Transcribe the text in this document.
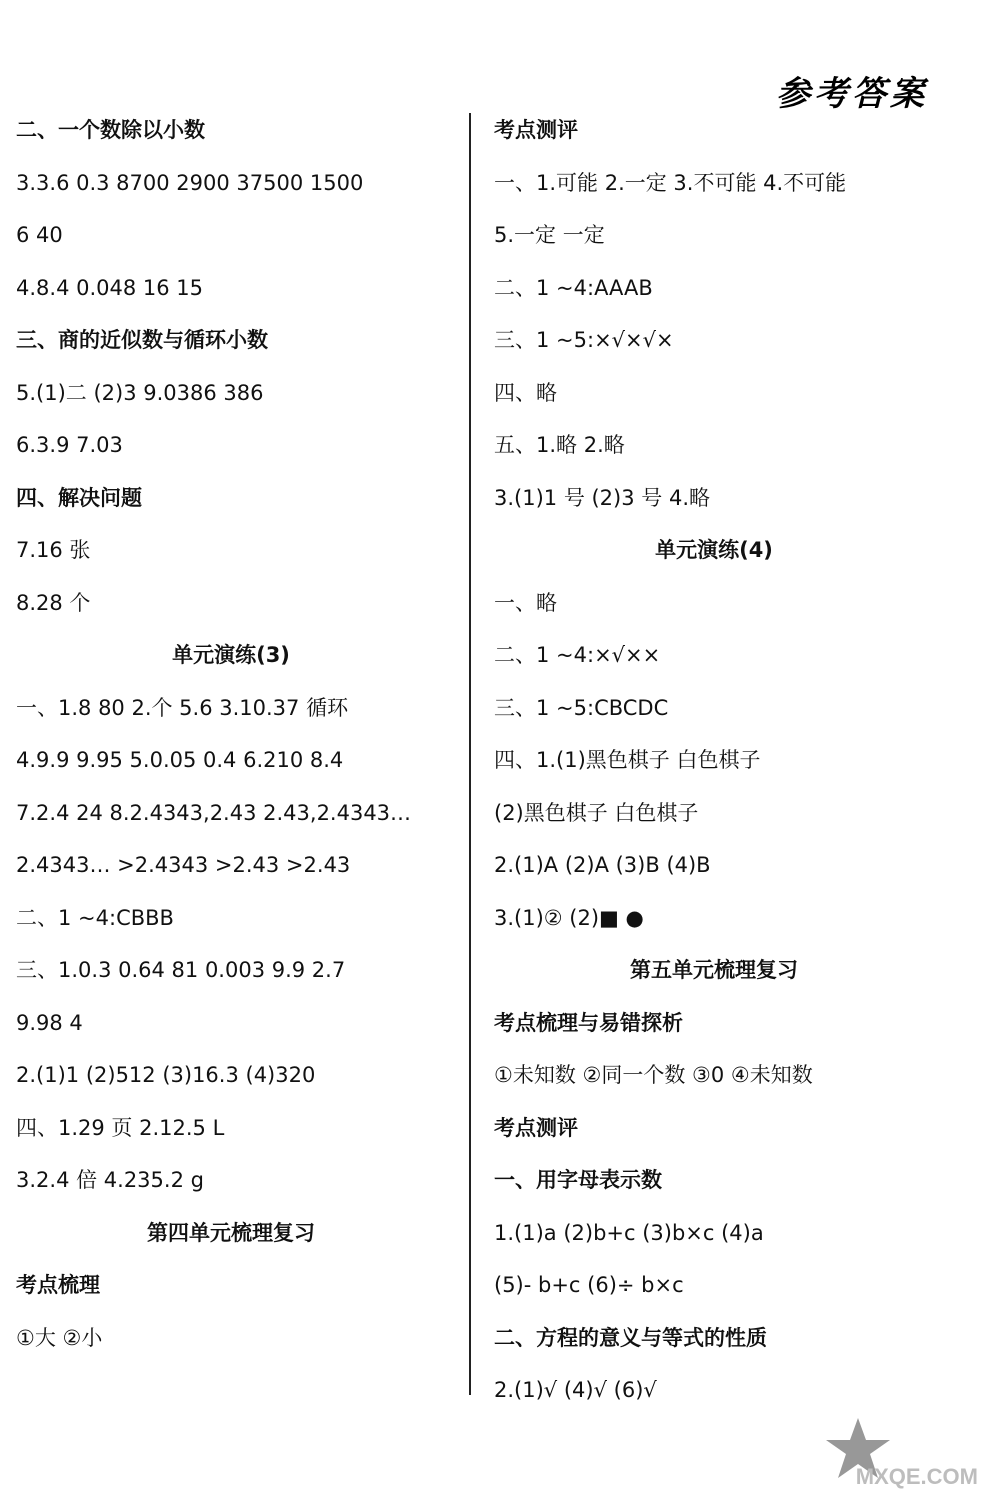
参考答案
二、一个数除以小数
3.3.6 0.3 8700 2900 37500 1500
6 40
4.8.4 0.048 16 15
三、商的近似数与循环小数
5.(1)二 (2)3 9.0386 386
6.3.9 7.03
四、解决问题
7.16 张
8.28 个
单元演练(3)
一、1.8 80 2.个 5.6 3.10.37 循环
4.9.9 9.95 5.0.05 0.4 6.210 8.4
7.2.4 24 8.2.4343,2.43 2.43,2.4343…
2.4343… >2.4343 >2.43 >2.43
二、1 ~4:CBBB
三、1.0.3 0.64 81 0.003 9.9 2.7
9.98 4
2.(1)1 (2)512 (3)16.3 (4)320
四、1.29 页 2.12.5 L
3.2.4 倍 4.235.2 g
第四单元梳理复习
考点梳理
①大 ②小
考点测评
一、1.可能 2.一定 3.不可能 4.不可能
5.一定 一定
二、1 ~4:AAAB
三、1 ~5:×√×√×
四、略
五、1.略 2.略
3.(1)1 号 (2)3 号 4.略
单元演练(4)
一、略
二、1 ~4:×√××
三、1 ~5:CBCDC
四、1.(1)黑色棋子 白色棋子
(2)黑色棋子 白色棋子
2.(1)A (2)A (3)B (4)B
3.(1)② (2)■ ●
第五单元梳理复习
考点梳理与易错探析
①未知数 ②同一个数 ③0 ④未知数
考点测评
一、用字母表示数
1.(1)a (2)b+c (3)b×c (4)a
(5)- b+c (6)÷ b×c
二、方程的意义与等式的性质
2.(1)√ (4)√ (6)√
MXQE.COM
